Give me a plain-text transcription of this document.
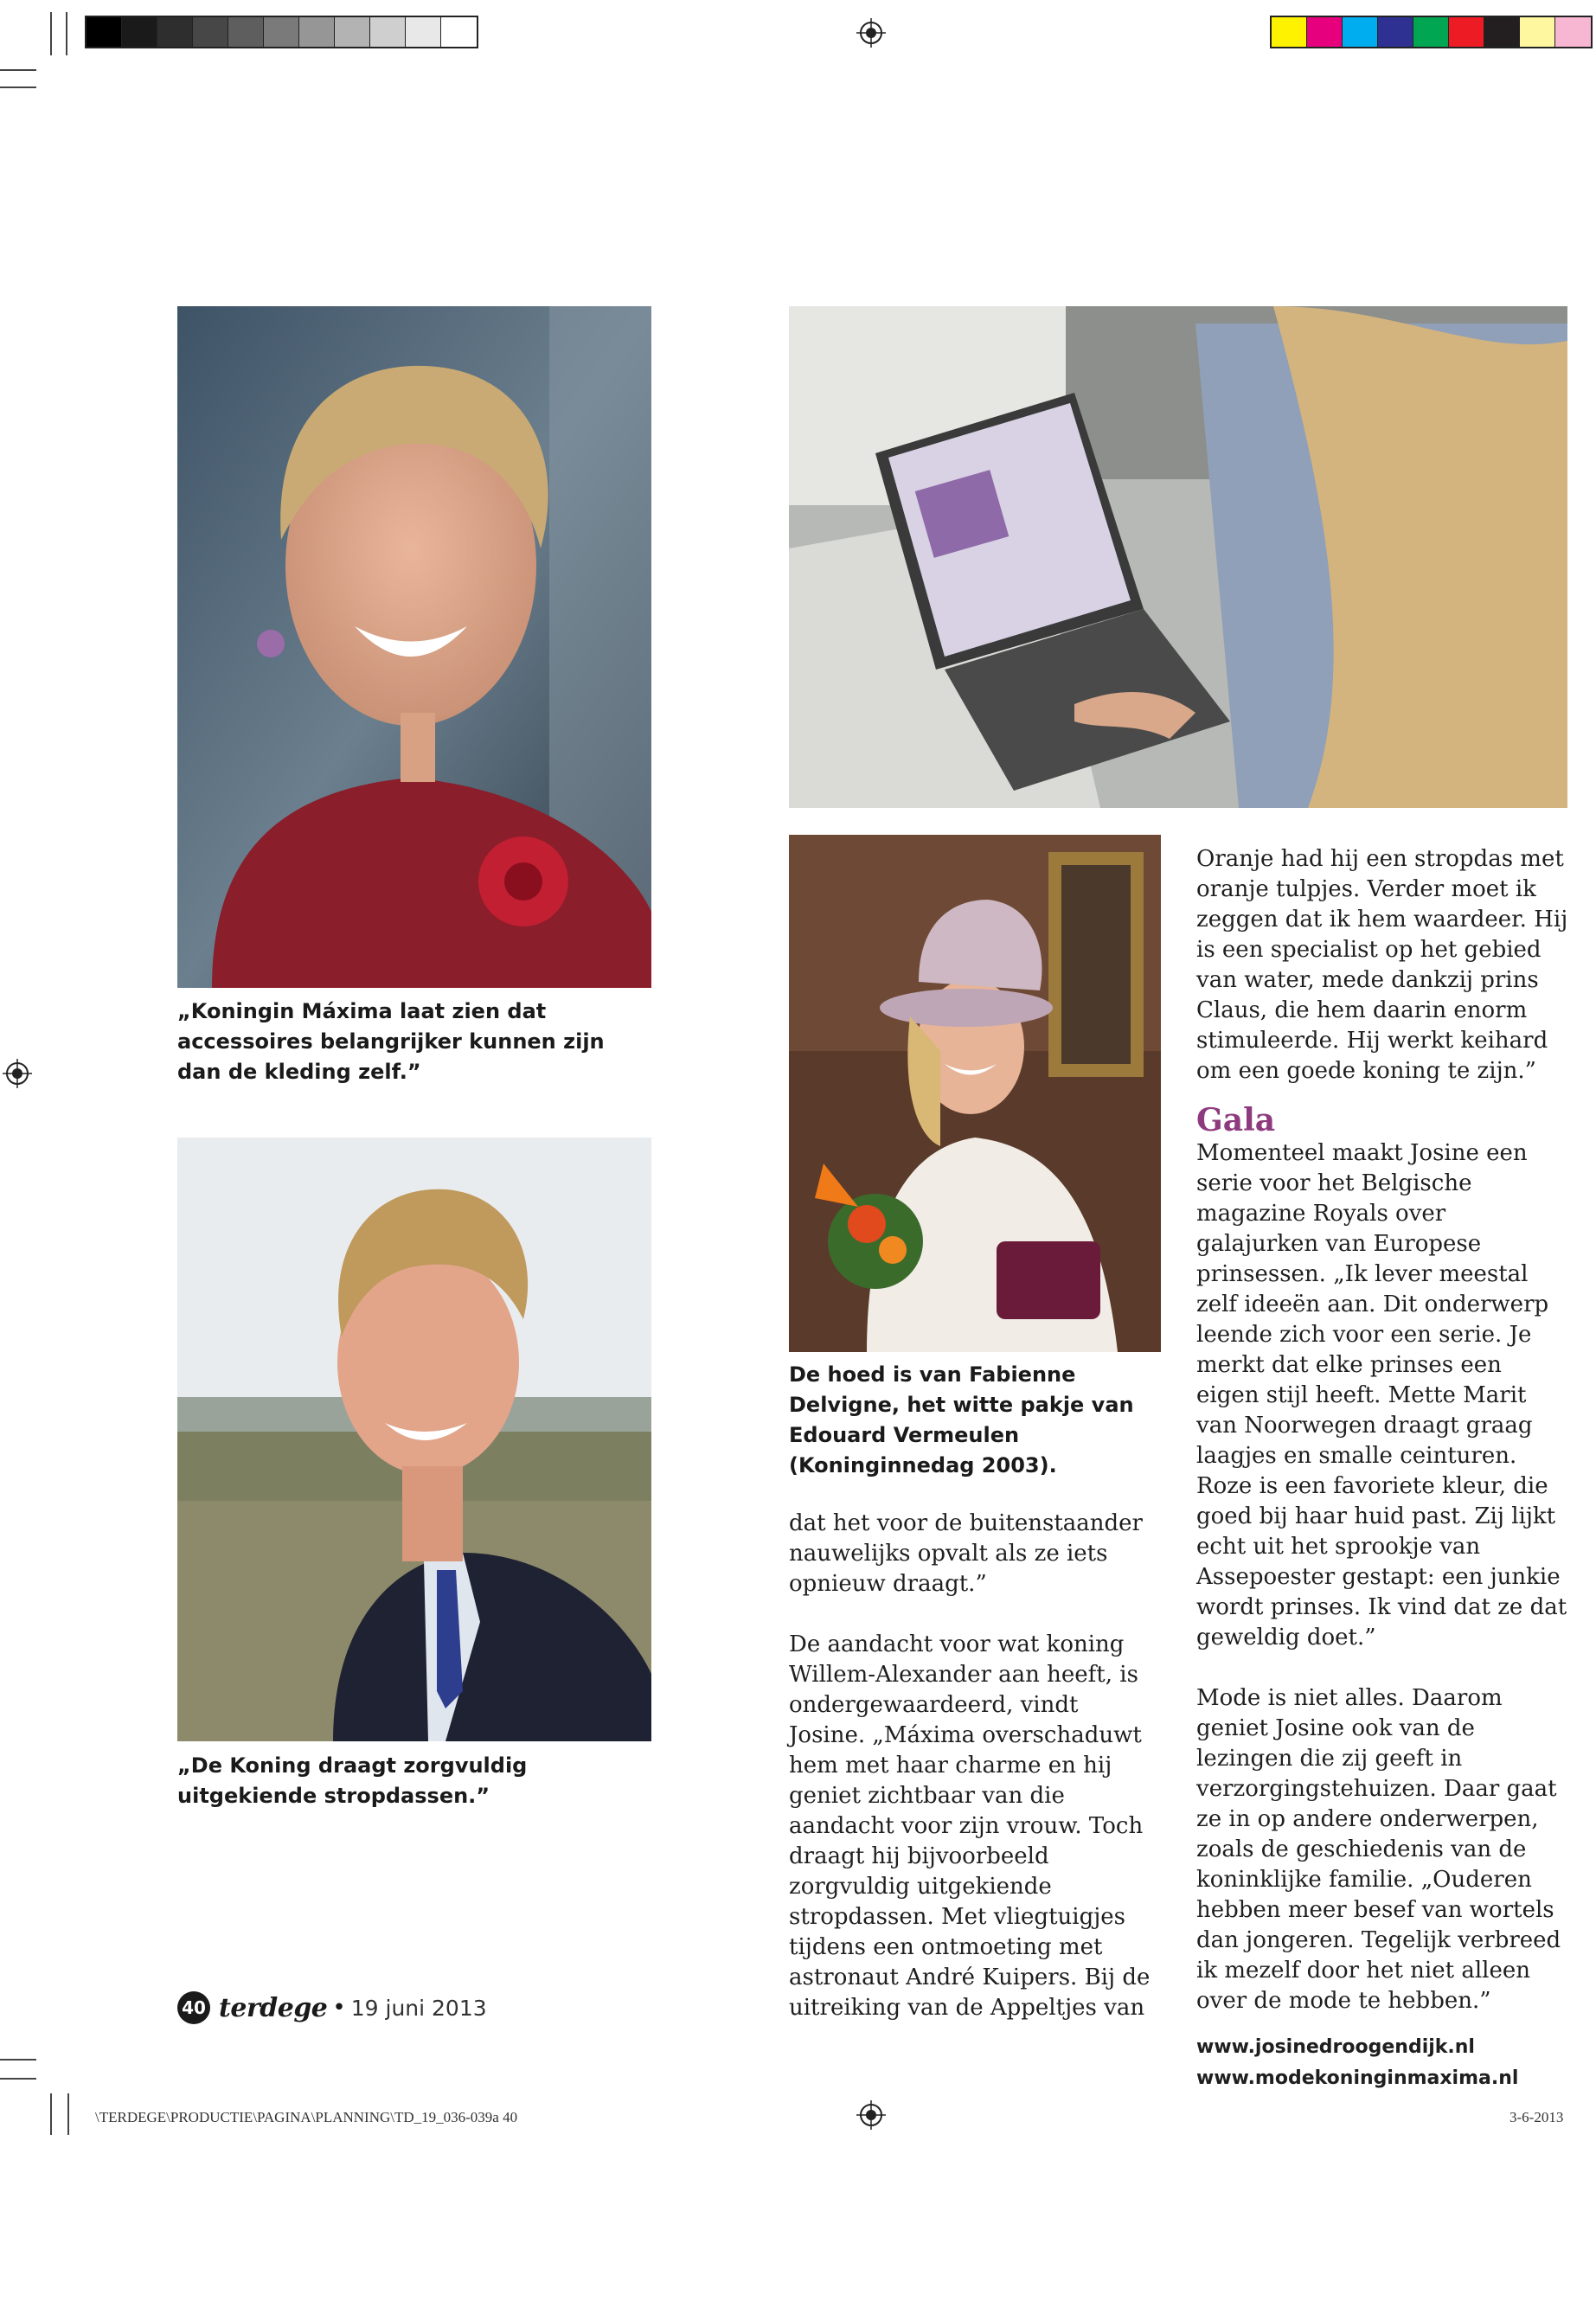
„Koningin Máxima laat zien dat accessoires belangrijker kunnen zijn dan de kleding zelf.”

„De Koning draagt zorgvuldig uitgekiende stropdassen.”

De hoed is van Fabienne Delvigne, het witte pakje van Edouard Vermeulen (Koninginnedag 2003).

dat het voor de buitenstaander nauwelijks opvalt als ze iets opnieuw draagt.”

De aandacht voor wat koning Willem-Alexander aan heeft, is ondergewaardeerd, vindt Josine. „Máxima overschaduwt hem met haar charme en hij geniet zichtbaar van die aandacht voor zijn vrouw. Toch draagt hij bijvoorbeeld zorgvuldig uitgekiende stropdassen. Met vliegtuigjes tijdens een ontmoeting met astronaut André Kuipers. Bij de uitreiking van de Appeltjes van

Oranje had hij een stropdas met oranje tulpjes. Verder moet ik zeggen dat ik hem waardeer. Hij is een specialist op het gebied van water, mede dankzij prins Claus, die hem daarin enorm stimuleerde. Hij werkt keihard om een goede koning te zijn.”

Gala

Momenteel maakt Josine een serie voor het Belgische magazine Royals over galajurken van Europese prinsessen. „Ik lever meestal zelf ideeën aan. Dit onderwerp leende zich voor een serie. Je merkt dat elke prinses een eigen stijl heeft. Mette Marit van Noorwegen draagt graag laagjes en smalle ceinturen. Roze is een favoriete kleur, die goed bij haar huid past. Zij lijkt echt uit het sprookje van Assepoester gestapt: een junkie wordt prinses. Ik vind dat ze dat geweldig doet.”

Mode is niet alles. Daarom geniet Josine ook van de lezingen die zij geeft in verzorgingstehuizen. Daar gaat ze in op andere onderwerpen, zoals de geschiedenis van de koninklijke familie. „Ouderen hebben meer besef van wortels dan jongeren. Tegelijk verbreed ik mezelf door het niet alleen over de mode te hebben.”

www.josinedroogendijk.nl
www.modekoninginmaxima.nl
40 terdege • 19 juni 2013
\TERDEGE\PRODUCTIE\PAGINA\PLANNING\TD_19_036-039a 40	3-6-2013
